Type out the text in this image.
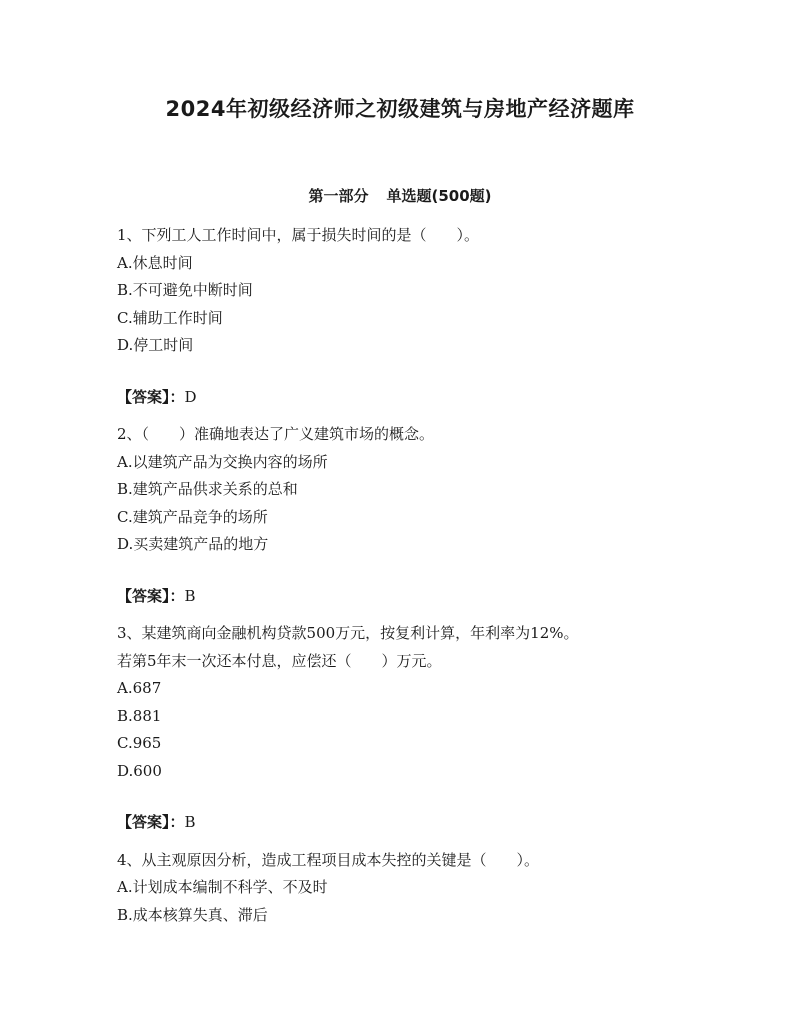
2024年初级经济师之初级建筑与房地产经济题库
第一部分 单选题(500题)
1、下列工人工作时间中，属于损失时间的是（　　）。
A.休息时间
B.不可避免中断时间
C.辅助工作时间
D.停工时间
【答案】：D
2、（　　）准确地表达了广义建筑市场的概念。
A.以建筑产品为交换内容的场所
B.建筑产品供求关系的总和
C.建筑产品竞争的场所
D.买卖建筑产品的地方
【答案】：B
3、某建筑商向金融机构贷款500万元，按复利计算，年利率为12%。
若第5年末一次还本付息，应偿还（　　）万元。
A.687
B.881
C.965
D.600
【答案】：B
4、从主观原因分析，造成工程项目成本失控的关键是（　　）。
A.计划成本编制不科学、不及时
B.成本核算失真、滞后
